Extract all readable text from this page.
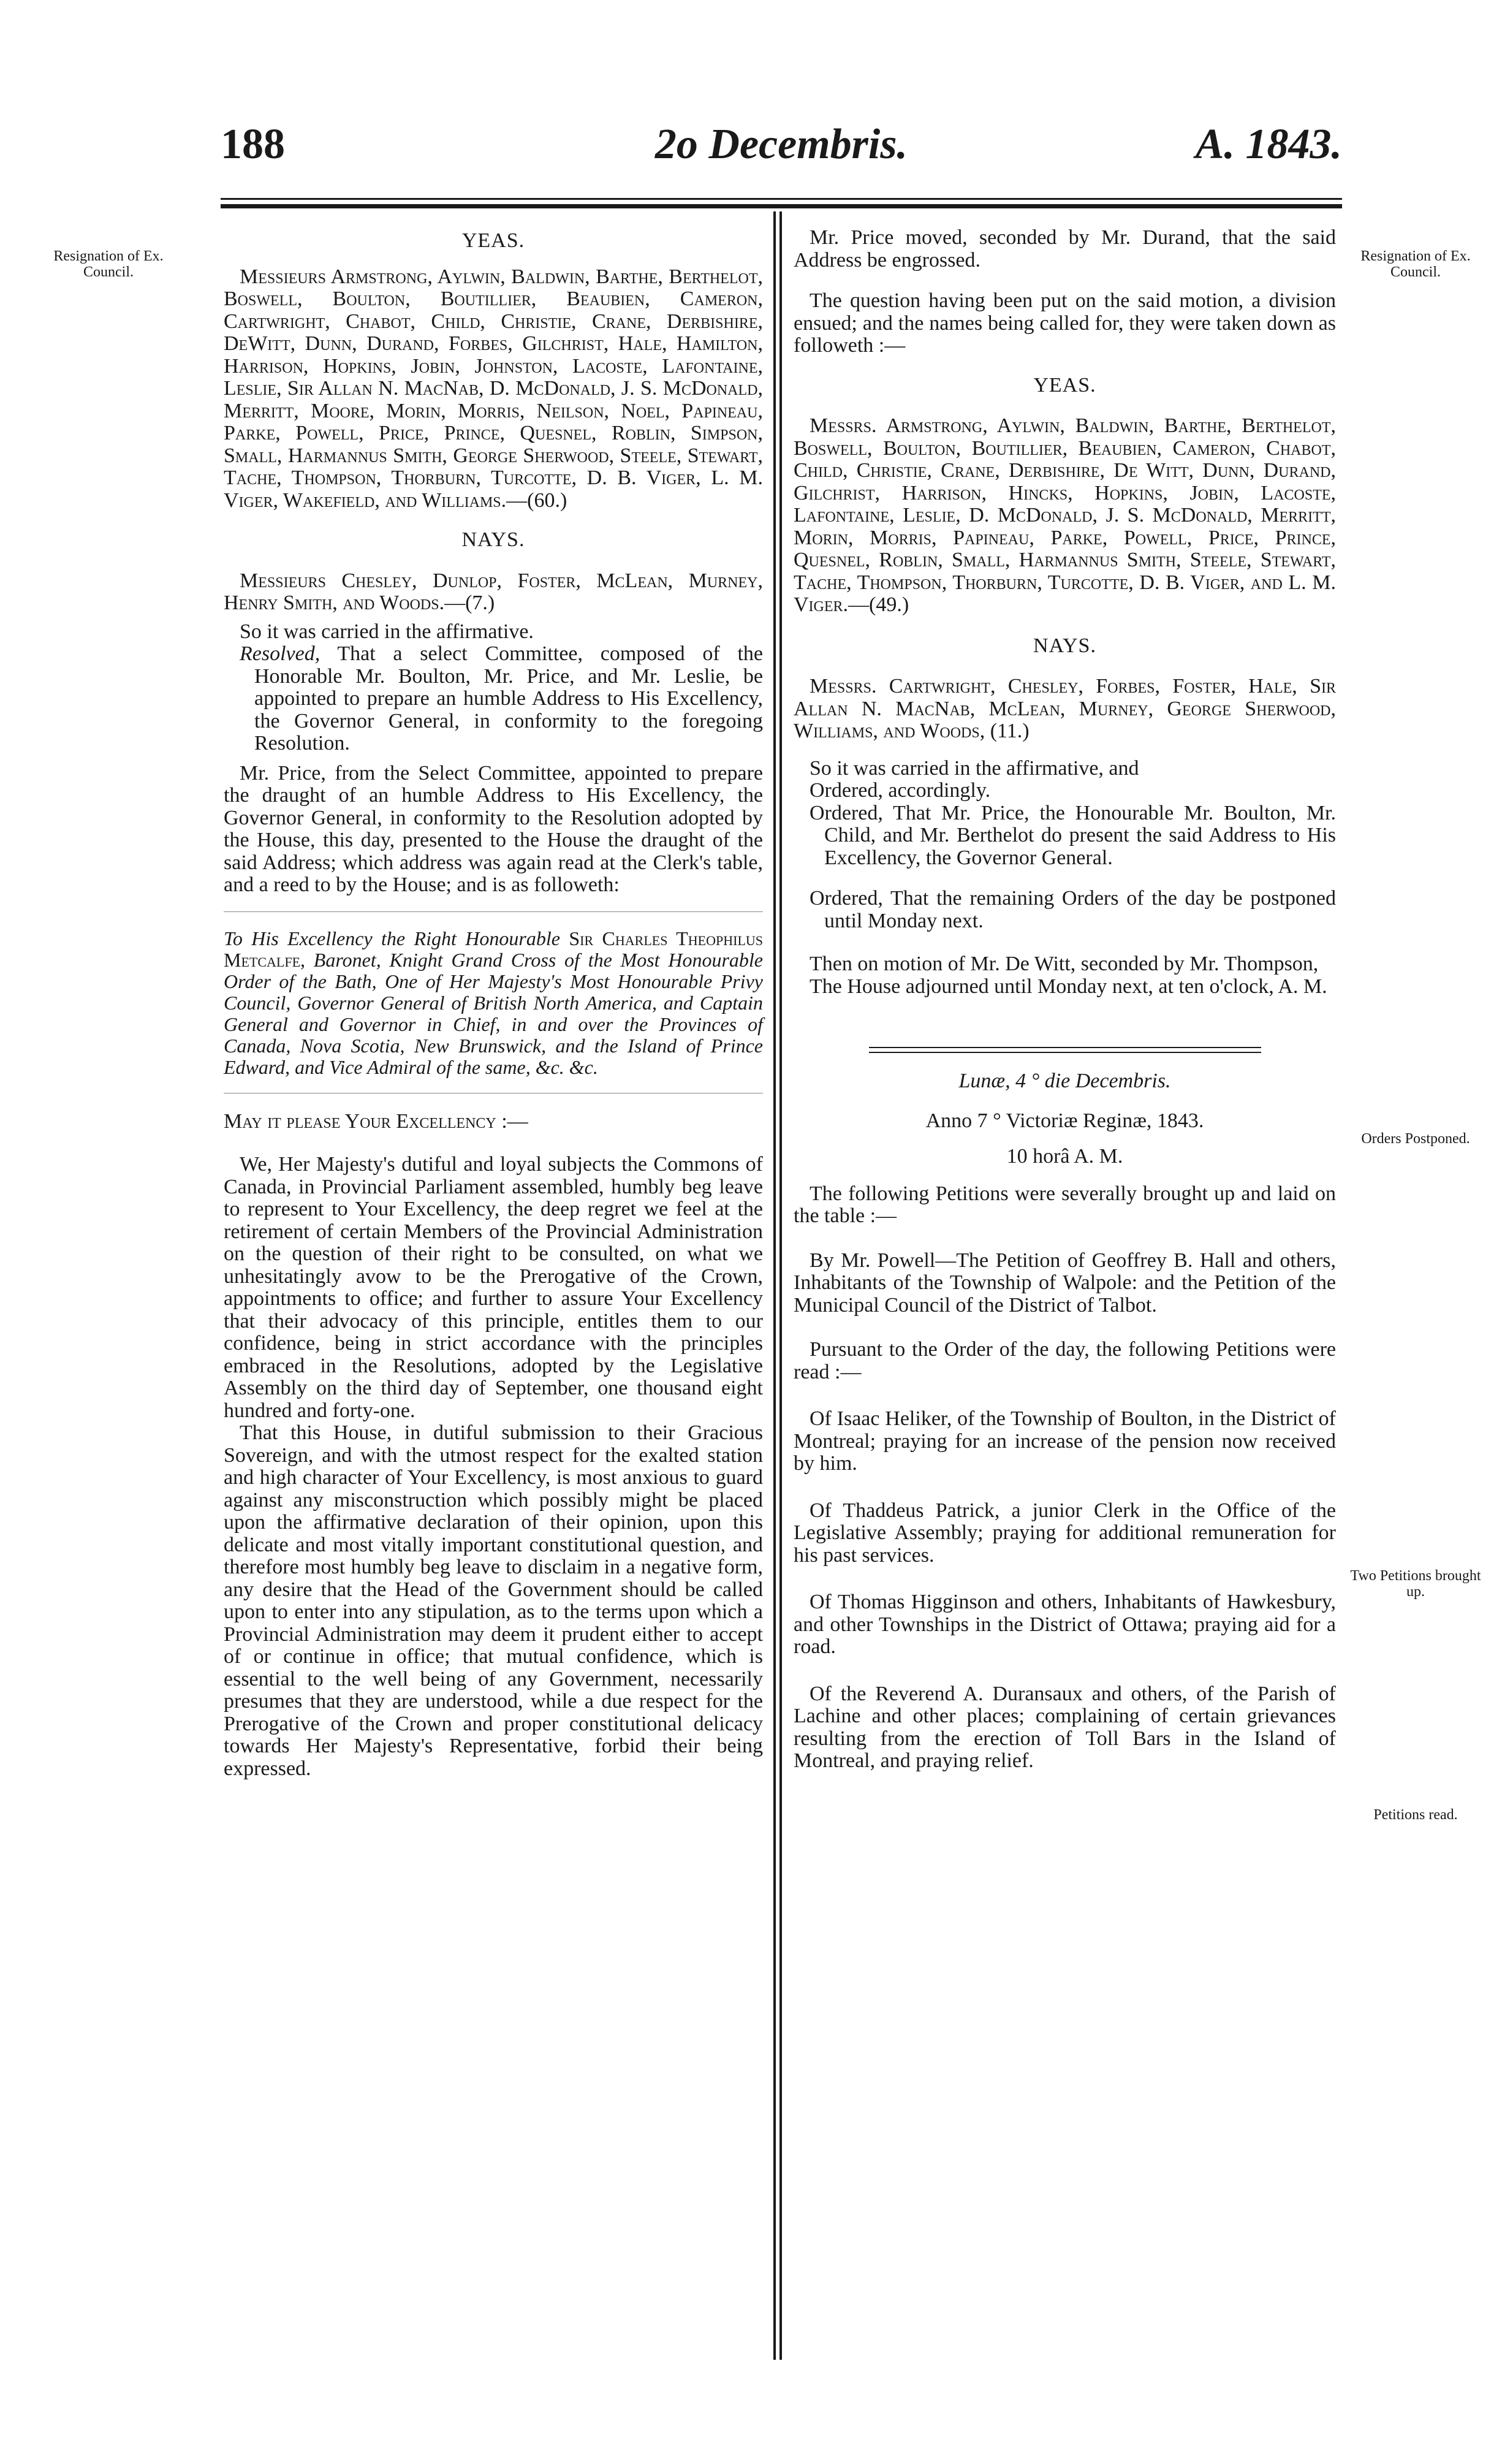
188	2o Decembris.	A. 1843.
Resignation of Ex. Council.
Resignation of Ex. Council.
Orders Postponed.
Two Petitions brought up.
Petitions read.
YEAS.

Messieurs Armstrong, Aylwin, Baldwin, Barthe, Berthelot, Boswell, Boulton, Boutillier, Beaubien, Cameron, Cartwright, Chabot, Child, Christie, Crane, Derbishire, DeWitt, Dunn, Durand, Forbes, Gilchrist, Hale, Hamilton, Harrison, Hopkins, Jobin, Johnston, Lacoste, Lafontaine, Leslie, Sir Allan N. MacNab, D. McDonald, J. S. McDonald, Merritt, Moore, Morin, Morris, Neilson, Noel, Papineau, Parke, Powell, Price, Prince, Quesnel, Roblin, Simpson, Small, Harmannus Smith, George Sherwood, Steele, Stewart, Tache, Thompson, Thorburn, Turcotte, D. B. Viger, L. M. Viger, Wakefield, and Williams.—(60.)

NAYS.

Messieurs Chesley, Dunlop, Foster, McLean, Murney, Henry Smith, and Woods.—(7.)

So it was carried in the affirmative.

Resolved, That a select Committee, composed of the Honorable Mr. Boulton, Mr. Price, and Mr. Leslie, be appointed to prepare an humble Address to His Excellency, the Governor General, in conformity to the foregoing Resolution.

Mr. Price, from the Select Committee, appointed to prepare the draught of an humble Address to His Excellency, the Governor General, in conformity to the Resolution adopted by the House, this day, presented to the House the draught of the said Address; which address was again read at the Clerk's table, and a reed to by the House; and is as followeth:

To His Excellency the Right Honourable Sir Charles Theophilus Metcalfe, Baronet, Knight Grand Cross of the Most Honourable Order of the Bath, One of Her Majesty's Most Honourable Privy Council, Governor General of British North America, and Captain General and Governor in Chief, in and over the Provinces of Canada, Nova Scotia, New Brunswick, and the Island of Prince Edward, and Vice Admiral of the same, &c. &c.

May it please Your Excellency :—

We, Her Majesty's dutiful and loyal subjects the Commons of Canada, in Provincial Parliament assembled, humbly beg leave to represent to Your Excellency, the deep regret we feel at the retirement of certain Members of the Provincial Administration on the question of their right to be consulted, on what we unhesitatingly avow to be the Prerogative of the Crown, appointments to office; and further to assure Your Excellency that their advocacy of this principle, entitles them to our confidence, being in strict accordance with the principles embraced in the Resolutions, adopted by the Legislative Assembly on the third day of September, one thousand eight hundred and forty-one.

That this House, in dutiful submission to their Gracious Sovereign, and with the utmost respect for the exalted station and high character of Your Excellency, is most anxious to guard against any misconstruction which possibly might be placed upon the affirmative declaration of their opinion, upon this delicate and most vitally important constitutional question, and therefore most humbly beg leave to disclaim in a negative form, any desire that the Head of the Government should be called upon to enter into any stipulation, as to the terms upon which a Provincial Administration may deem it prudent either to accept of or continue in office; that mutual confidence, which is essential to the well being of any Government, necessarily presumes that they are understood, while a due respect for the Prerogative of the Crown and proper constitutional delicacy towards Her Majesty's Representative, forbid their being expressed.

Mr. Price moved, seconded by Mr. Durand, that the said Address be engrossed.

The question having been put on the said motion, a division ensued; and the names being called for, they were taken down as followeth :—

YEAS.

Messrs. Armstrong, Aylwin, Baldwin, Barthe, Berthelot, Boswell, Boulton, Boutillier, Beaubien, Cameron, Chabot, Child, Christie, Crane, Derbishire, De Witt, Dunn, Durand, Gilchrist, Harrison, Hincks, Hopkins, Jobin, Lacoste, Lafontaine, Leslie, D. McDonald, J. S. McDonald, Merritt, Morin, Morris, Papineau, Parke, Powell, Price, Prince, Quesnel, Roblin, Small, Harmannus Smith, Steele, Stewart, Tache, Thompson, Thorburn, Turcotte, D. B. Viger, and L. M. Viger.—(49.)

NAYS.

Messrs. Cartwright, Chesley, Forbes, Foster, Hale, Sir Allan N. MacNab, McLean, Murney, George Sherwood, Williams, and Woods, (11.)

So it was carried in the affirmative, and

Ordered, accordingly.

Ordered, That Mr. Price, the Honourable Mr. Boulton, Mr. Child, and Mr. Berthelot do present the said Address to His Excellency, the Governor General.

Ordered, That the remaining Orders of the day be postponed until Monday next.

Then on motion of Mr. De Witt, seconded by Mr. Thompson,

The House adjourned until Monday next, at ten o'clock, A. M.

Lunæ, 4 ° die Decembris.

Anno 7 ° Victoriæ Reginæ, 1843.

10 horâ A. M.

The following Petitions were severally brought up and laid on the table :—

By Mr. Powell—The Petition of Geoffrey B. Hall and others, Inhabitants of the Township of Walpole: and the Petition of the Municipal Council of the District of Talbot.

Pursuant to the Order of the day, the following Petitions were read :—

Of Isaac Heliker, of the Township of Boulton, in the District of Montreal; praying for an increase of the pension now received by him.

Of Thaddeus Patrick, a junior Clerk in the Office of the Legislative Assembly; praying for additional remuneration for his past services.

Of Thomas Higginson and others, Inhabitants of Hawkesbury, and other Townships in the District of Ottawa; praying aid for a road.

Of the Reverend A. Duransaux and others, of the Parish of Lachine and other places; complaining of certain grievances resulting from the erection of Toll Bars in the Island of Montreal, and praying relief.
